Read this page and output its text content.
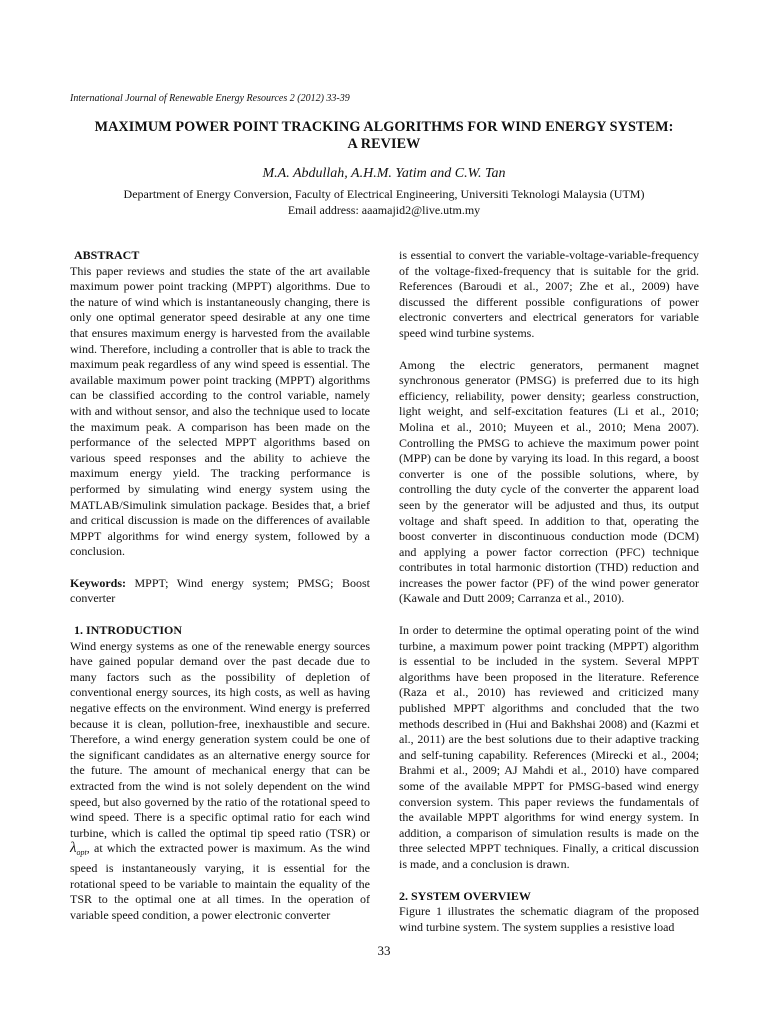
International Journal of Renewable Energy Resources 2 (2012) 33-39
MAXIMUM POWER POINT TRACKING ALGORITHMS FOR WIND ENERGY SYSTEM:
A REVIEW
M.A. Abdullah, A.H.M. Yatim and C.W. Tan
Department of Energy Conversion, Faculty of Electrical Engineering, Universiti Teknologi Malaysia (UTM)
Email address: aaamajid2@live.utm.my
ABSTRACT

This paper reviews and studies the state of the art available maximum power point tracking (MPPT) algorithms. Due to the nature of wind which is instantaneously changing, there is only one optimal generator speed desirable at any one time that ensures maximum energy is harvested from the available wind. Therefore, including a controller that is able to track the maximum peak regardless of any wind speed is essential. The available maximum power point tracking (MPPT) algorithms can be classified according to the control variable, namely with and without sensor, and also the technique used to locate the maximum peak. A comparison has been made on the performance of the selected MPPT algorithms based on various speed responses and the ability to achieve the maximum energy yield. The tracking performance is performed by simulating wind energy system using the MATLAB/Simulink simulation package. Besides that, a brief and critical discussion is made on the differences of available MPPT algorithms for wind energy system, followed by a conclusion.

Keywords: MPPT; Wind energy system; PMSG; Boost converter

1. INTRODUCTION

Wind energy systems as one of the renewable energy sources have gained popular demand over the past decade due to many factors such as the possibility of depletion of conventional energy sources, its high costs, as well as having negative effects on the environment. Wind energy is preferred because it is clean, pollution-free, inexhaustible and secure. Therefore, a wind energy generation system could be one of the significant candidates as an alternative energy source for the future. The amount of mechanical energy that can be extracted from the wind is not solely dependent on the wind speed, but also governed by the ratio of the rotational speed to wind speed. There is a specific optimal ratio for each wind turbine, which is called the optimal tip speed ratio (TSR) or $\lambda_{opt}$, at which the extracted power is maximum. As the wind speed is instantaneously varying, it is essential for the rotational speed to be variable to maintain the equality of the TSR to the optimal one at all times. In the operation of variable speed condition, a power electronic converter

is essential to convert the variable-voltage-variable-frequency of the voltage-fixed-frequency that is suitable for the grid. References (Baroudi et al., 2007; Zhe et al., 2009) have discussed the different possible configurations of power electronic converters and electrical generators for variable speed wind turbine systems.

Among the electric generators, permanent magnet synchronous generator (PMSG) is preferred due to its high efficiency, reliability, power density; gearless construction, light weight, and self-excitation features (Li et al., 2010; Molina et al., 2010; Muyeen et al., 2010; Mena 2007). Controlling the PMSG to achieve the maximum power point (MPP) can be done by varying its load. In this regard, a boost converter is one of the possible solutions, where, by controlling the duty cycle of the converter the apparent load seen by the generator will be adjusted and thus, its output voltage and shaft speed. In addition to that, operating the boost converter in discontinuous conduction mode (DCM) and applying a power factor correction (PFC) technique contributes in total harmonic distortion (THD) reduction and increases the power factor (PF) of the wind power generator (Kawale and Dutt 2009; Carranza et al., 2010).

In order to determine the optimal operating point of the wind turbine, a maximum power point tracking (MPPT) algorithm is essential to be included in the system. Several MPPT algorithms have been proposed in the literature. Reference (Raza et al., 2010) has reviewed and criticized many published MPPT algorithms and concluded that the two methods described in (Hui and Bakhshai 2008) and (Kazmi et al., 2011) are the best solutions due to their adaptive tracking and self-tuning capability. References (Mirecki et al., 2004; Brahmi et al., 2009; AJ Mahdi et al., 2010) have compared some of the available MPPT for PMSG-based wind energy conversion system. This paper reviews the fundamentals of the available MPPT algorithms for wind energy system. In addition, a comparison of simulation results is made on the three selected MPPT techniques. Finally, a critical discussion is made, and a conclusion is drawn.

2. SYSTEM OVERVIEW

Figure 1 illustrates the schematic diagram of the proposed wind turbine system. The system supplies a resistive load

33
